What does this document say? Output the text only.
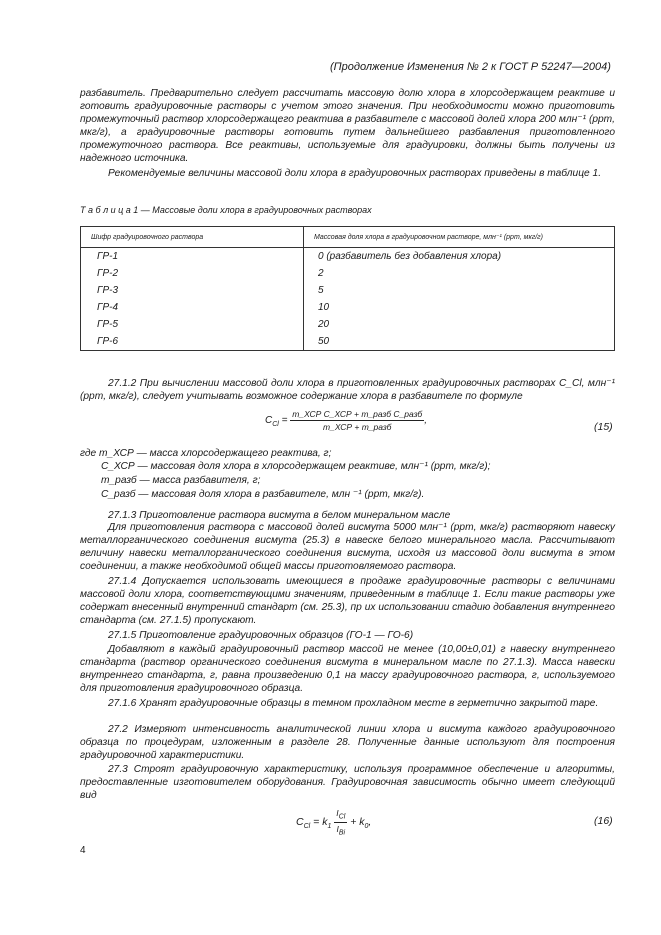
(Продолжение Изменения № 2 к ГОСТ Р 52247—2004)
разбавитель. Предварительно следует рассчитать массовую долю хлора в хлорсодержащем реактиве и готовить градуировочные растворы с учетом этого значения. При необходимости можно приготовить промежуточный раствор хлорсодержащего реактива в разбавителе с массовой долей хлора 200 млн⁻¹ (ppm, мкг/г), а градуировочные растворы готовить путем дальнейшего разбавления приготовленного промежуточного раствора. Все реактивы, используемые для градуировки, должны быть получены из надежного источника.
Рекомендуемые величины массовой доли хлора в градуировочных растворах приведены в таблице 1.
Т а б л и ц а 1 — Массовые доли хлора в градуировочных растворах
Шифр градуировочного раствора	Массовая доля хлора в градуировочном растворе, млн⁻¹ (ppm, мкг/г)
ГР-1	0 (разбавитель без добавления хлора)
ГР-2	2
ГР-3	5
ГР-4	10
ГР-5	20
ГР-6	50
27.1.2 При вычислении массовой доли хлора в приготовленных градуировочных растворах C_Cl, млн⁻¹ (ppm, мкг/г), следует учитывать возможное содержание хлора в разбавителе по формуле
$C_{Cl} = \frac{\text{m\_ХСР C\_ХСР + m\_разб C\_разб}}{\text{m\_ХСР + m\_разб}}$ ,
(15)
где m_ХСР — масса хлорсодержащего реактива, г;
C_ХСР — массовая доля хлора в хлорсодержащем реактиве, млн⁻¹ (ppm, мкг/г);
m_разб — масса разбавителя, г;
C_разб — массовая доля хлора в разбавителе, млн ⁻¹ (ppm, мкг/г).
27.1.3 Приготовление раствора висмута в белом минеральном масле
Для приготовления раствора с массовой долей висмута 5000 млн⁻¹ (ppm, мкг/г) растворяют навеску металлорганического соединения висмута (25.3) в навеске белого минерального масла. Рассчитывают величину навески металлорганического соединения висмута, исходя из массовой доли висмута в этом соединении, а также необходимой общей массы приготовляемого раствора.
27.1.4 Допускается использовать имеющиеся в продаже градуировочные растворы с величинами массовой доли хлора, соответствующими значениям, приведенным в таблице 1. Если такие растворы уже содержат внесенный внутренний стандарт (см. 25.3), пр их использовании стадию добавления внутреннего стандарта (см. 27.1.5) пропускают.
27.1.5 Приготовление градуировочных образцов (ГО-1 — ГО-6)
Добавляют в каждый градуировочный раствор массой не менее (10,00±0,01) г навеску внутреннего стандарта (раствор органического соединения висмута в минеральном масле по 27.1.3). Масса навески внутреннего стандарта, г, равна произведению 0,1 на массу градуировочного раствора, г, используемого для приготовления градуировочного образца.
27.1.6 Хранят градуировочные образцы в темном прохладном месте в герметично закрытой таре.
27.2 Измеряют интенсивность аналитической линии хлора и висмута каждого градуировочного образца по процедурам, изложенным в разделе 28. Полученные данные используют для построения градуировочной характеристики.
27.3 Строят градуировочную характеристику, используя программное обеспечение и алгоритмы, предоставленные изготовителем оборудования. Градуировочная зависимость обычно имеет следующий вид
$C_{Cl} = k_1 \frac{I_{Cl}}{I_{Bi}} + k_0$,	(16)
4
